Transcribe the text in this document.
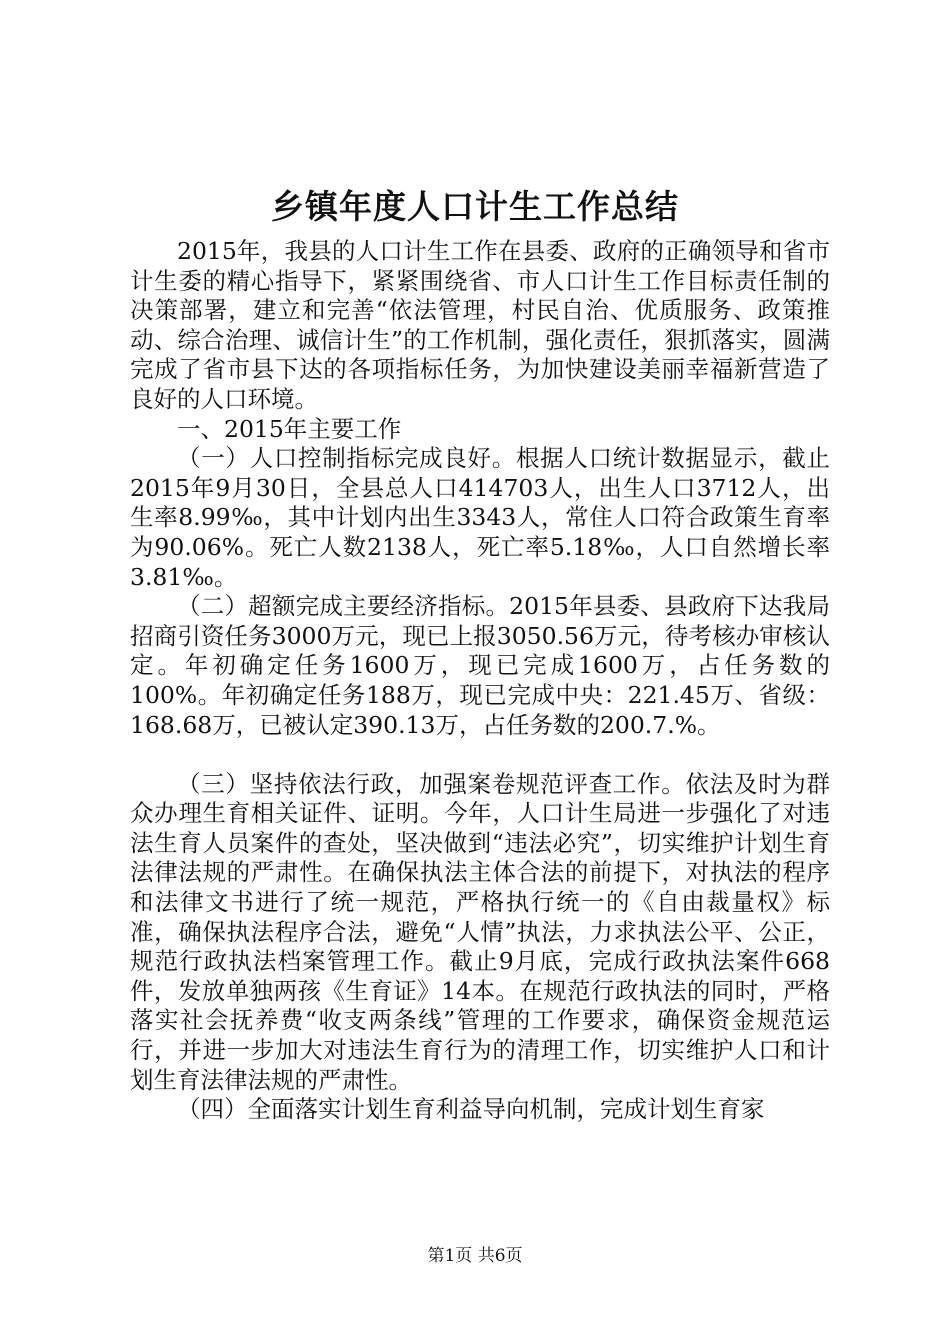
乡镇年度人口计生工作总结

2015年，我县的人口计生工作在县委、政府的正确领导和省市计生委的精心指导下，紧紧围绕省、市人口计生工作目标责任制的决策部署，建立和完善“依法管理，村民自治、优质服务、政策推动、综合治理、诚信计生”的工作机制，强化责任，狠抓落实，圆满完成了省市县下达的各项指标任务，为加快建设美丽幸福新营造了良好的人口环境。

一、2015年主要工作

（一）人口控制指标完成良好。根据人口统计数据显示，截止2015年9月30日，全县总人口414703人，出生人口3712人，出生率8.99‰，其中计划内出生3343人，常住人口符合政策生育率为90.06%。死亡人数2138人，死亡率5.18‰，人口自然增长率3.81‰。

（二）超额完成主要经济指标。2015年县委、县政府下达我局招商引资任务3000万元，现已上报3050.56万元，待考核办审核认定。年初确定任务1600万，现已完成1600万，占任务数的100%。年初确定任务188万，现已完成中央：221.45万、省级：168.68万，已被认定390.13万，占任务数的200.7.%。

（三）坚持依法行政，加强案卷规范评查工作。依法及时为群众办理生育相关证件、证明。今年，人口计生局进一步强化了对违法生育人员案件的查处，坚决做到“违法必究”，切实维护计划生育法律法规的严肃性。在确保执法主体合法的前提下，对执法的程序和法律文书进行了统一规范，严格执行统一的《自由裁量权》标准，确保执法程序合法，避免“人情”执法，力求执法公平、公正，规范行政执法档案管理工作。截止9月底，完成行政执法案件668件，发放单独两孩《生育证》14本。在规范行政执法的同时，严格落实社会抚养费“收支两条线”管理的工作要求，确保资金规范运行，并进一步加大对违法生育行为的清理工作，切实维护人口和计划生育法律法规的严肃性。

（四）全面落实计划生育利益导向机制，完成计划生育家

第1页 共6页
